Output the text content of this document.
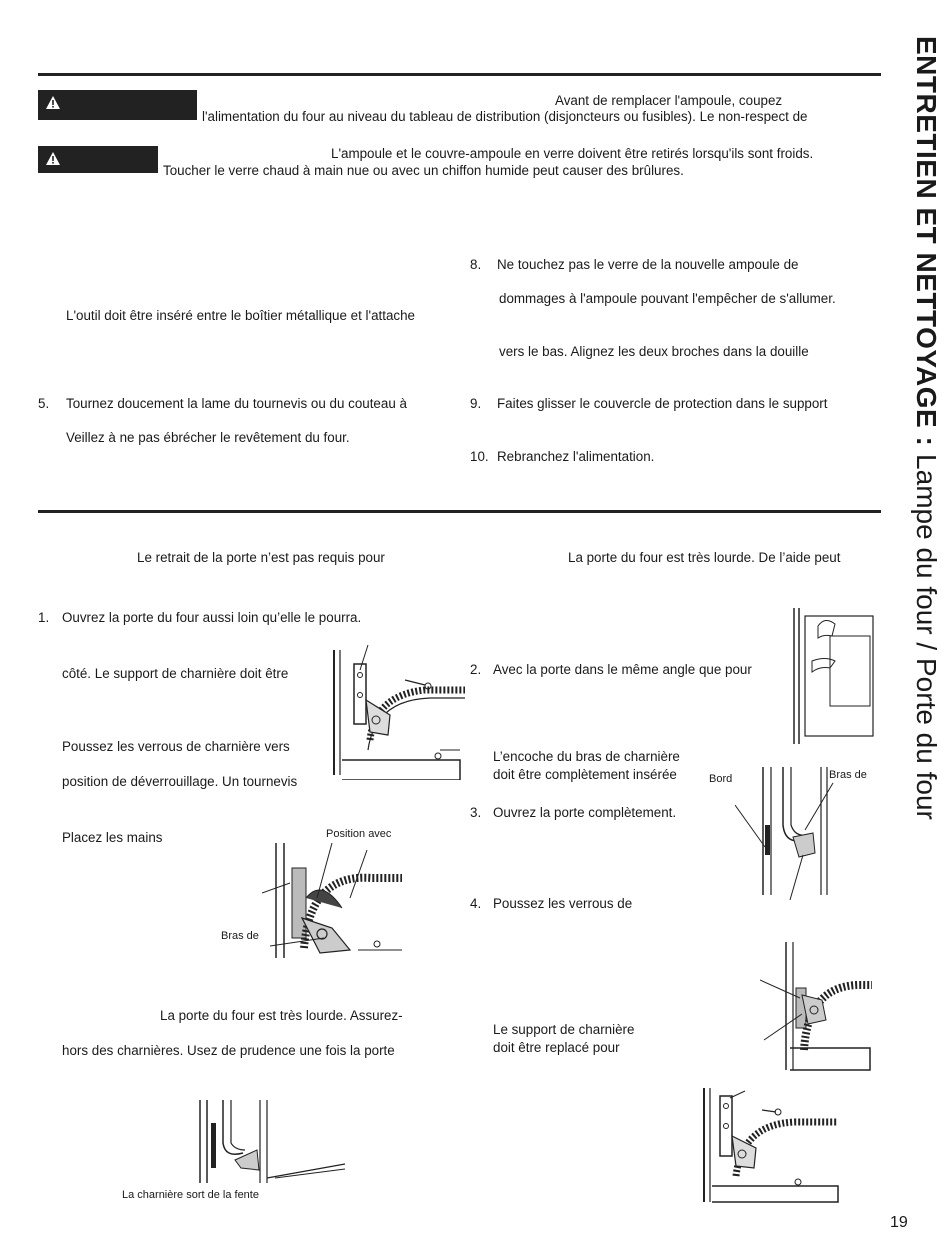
ENTRETIEN ET NETTOYAGE : Lampe du four / Porte du four
Avant de remplacer l'ampoule, coupez
l'alimentation du four au niveau du tableau de distribution (disjoncteurs ou fusibles). Le non-respect de
L'ampoule et le couvre-ampoule en verre doivent être retirés lorsqu'ils sont froids.
Toucher le verre chaud à main nue ou avec un chiffon humide peut causer des brûlures.
L'outil doit être inséré entre le boîtier métallique et l'attache
5. Tournez doucement la lame du tournevis ou du couteau à
Veillez à ne pas ébrécher le revêtement du four.
8. Ne touchez pas le verre de la nouvelle ampoule de
dommages à l'ampoule pouvant l'empêcher de s'allumer.
vers le bas. Alignez les deux broches dans la douille
9. Faites glisser le couvercle de protection dans le support
10. Rebranchez l'alimentation.
Le retrait de la porte n’est pas requis pour
1. Ouvrez la porte du four aussi loin qu’elle le pourra.
côté. Le support de charnière doit être
Poussez les verrous de charnière vers
position de déverrouillage. Un tournevis
Placez les mains	Position avec
Bras de
La porte du four est très lourde. Assurez-
hors des charnières. Usez de prudence une fois la porte
La charnière sort de la fente
La porte du four est très lourde. De l’aide peut
2. Avec la porte dans le même angle que pour
L’encoche du bras de charnière
doit être complètement insérée	Bord	Bras de
3. Ouvrez la porte complètement.
4. Poussez les verrous de
Le support de charnière
doit être replacé pour
19
